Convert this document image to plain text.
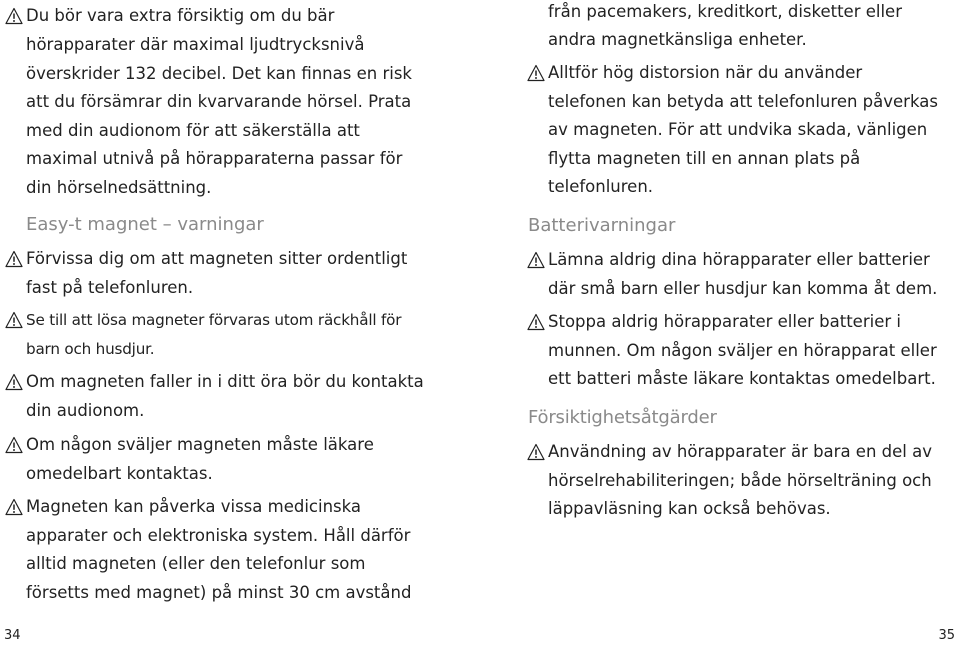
Du bör vara extra försiktig om du bär
hörapparater där maximal ljudtrycksnivå
överskrider 132 decibel. Det kan finnas en risk
att du försämrar din kvarvarande hörsel. Prata
med din audionom för att säkerställa att
maximal utnivå på hörapparaterna passar för
din hörselnedsättning.
Easy-t magnet – varningar
Förvissa dig om att magneten sitter ordentligt
fast på telefonluren.
Se till att lösa magneter förvaras utom räckhåll för
barn och husdjur.
Om magneten faller in i ditt öra bör du kontakta
din audionom.
Om någon sväljer magneten måste läkare
omedelbart kontaktas.
Magneten kan påverka vissa medicinska
apparater och elektroniska system. Håll därför
alltid magneten (eller den telefonlur som
försetts med magnet) på minst 30 cm avstånd
34
från pacemakers, kreditkort, disketter eller
andra magnetkänsliga enheter.
Alltför hög distorsion när du använder
telefonen kan betyda att telefonluren påverkas
av magneten. För att undvika skada, vänligen
flytta magneten till en annan plats på
telefonluren.
Batterivarningar
Lämna aldrig dina hörapparater eller batterier
där små barn eller husdjur kan komma åt dem.
Stoppa aldrig hörapparater eller batterier i
munnen. Om någon sväljer en hörapparat eller
ett batteri måste läkare kontaktas omedelbart.
Försiktighetsåtgärder
Användning av hörapparater är bara en del av
hörselrehabiliteringen; både hörselträning och
läppavläsning kan också behövas.
35
